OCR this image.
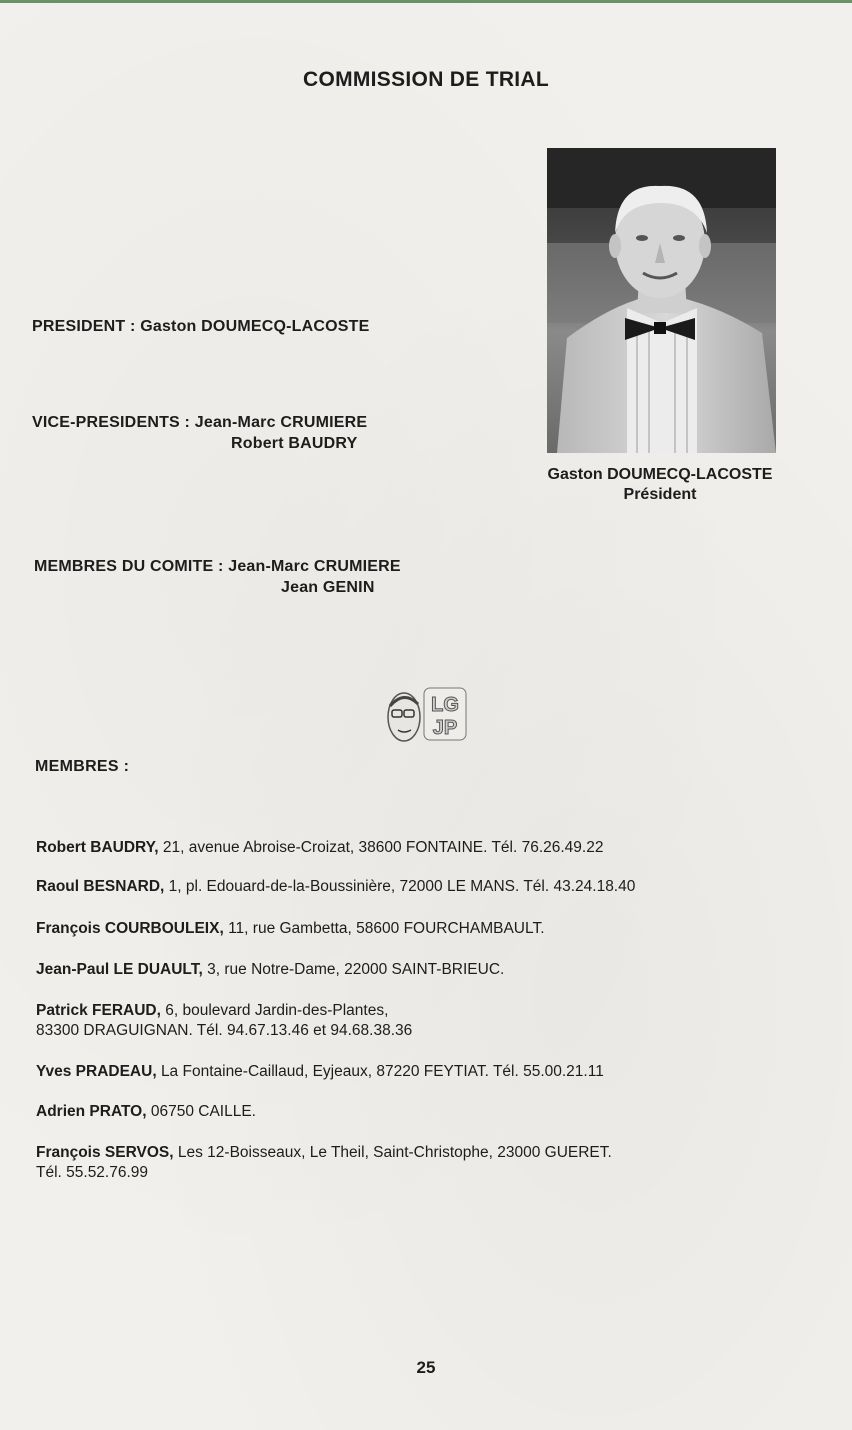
COMMISSION DE TRIAL
PRESIDENT : Gaston DOUMECQ-LACOSTE
VICE-PRESIDENTS : Jean-Marc CRUMIERE
Robert BAUDRY
MEMBRES DU COMITE : Jean-Marc CRUMIERE
Jean GENIN
Gaston DOUMECQ-LACOSTE
Président
LG
JP
MEMBRES :
Robert BAUDRY, 21, avenue Abroise-Croizat, 38600 FONTAINE. Tél. 76.26.49.22
Raoul BESNARD, 1, pl. Edouard-de-la-Boussinière, 72000 LE MANS. Tél. 43.24.18.40
François COURBOULEIX, 11, rue Gambetta, 58600 FOURCHAMBAULT.
Jean-Paul LE DUAULT, 3, rue Notre-Dame, 22000 SAINT-BRIEUC.
Patrick FERAUD, 6, boulevard Jardin-des-Plantes,
83300 DRAGUIGNAN. Tél. 94.67.13.46 et 94.68.38.36
Yves PRADEAU, La Fontaine-Caillaud, Eyjeaux, 87220 FEYTIAT. Tél. 55.00.21.11
Adrien PRATO, 06750 CAILLE.
François SERVOS, Les 12-Boisseaux, Le Theil, Saint-Christophe, 23000 GUERET.
Tél. 55.52.76.99
25
